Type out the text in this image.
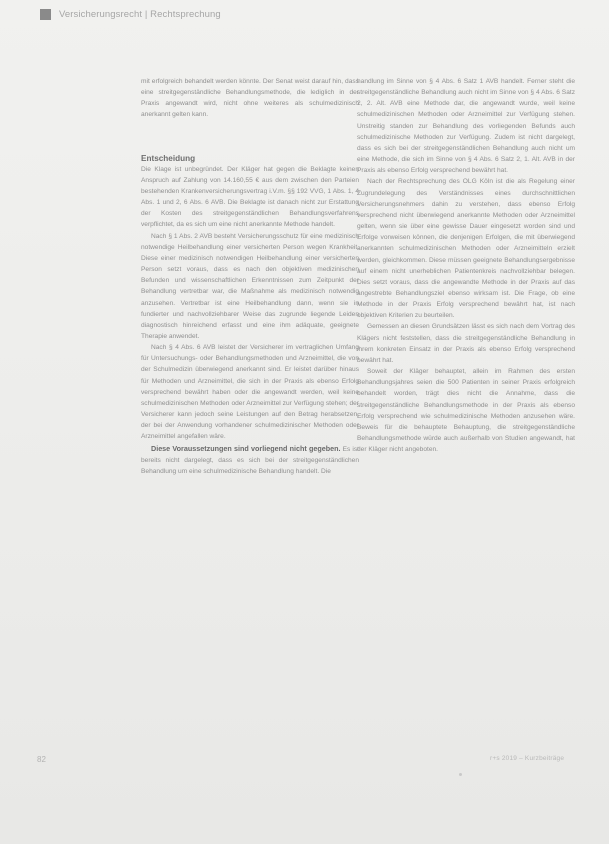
Versicherungsrecht | Rechtsprechung

mit erfolgreich behandelt werden könnte. Der Senat weist darauf hin, dass eine streitgegenständliche Behandlungsmethode, die lediglich in der Praxis angewandt wird, nicht ohne weiteres als schulmedizinisch anerkannt gelten kann.

Entscheidung

Die Klage ist unbegründet. Der Kläger hat gegen die Beklagte keinen Anspruch auf Zahlung von 14.160,55 € aus dem zwischen den Parteien bestehenden Krankenversicherungsvertrag i.V.m. §§ 192 VVG, 1 Abs. 1, 4 Abs. 1 und 2, 6 Abs. 6 AVB. Die Beklagte ist danach nicht zur Erstattung der Kosten des streitgegenständlichen Behandlungsverfahrens verpflichtet, da es sich um eine nicht anerkannte Methode handelt.

Nach § 1 Abs. 2 AVB besteht Versicherungsschutz für eine medizinisch notwendige Heilbehandlung einer versicherten Person wegen Krankheit. Diese einer medizinisch notwendigen Heilbehandlung einer versicherten Person setzt voraus, dass es nach den objektiven medizinischen Befunden und wissenschaftlichen Erkenntnissen zum Zeitpunkt der Behandlung vertretbar war, die Maßnahme als medizinisch notwendig anzusehen. Vertretbar ist eine Heilbehandlung dann, wenn sie in fundierter und nachvollziehbarer Weise das zugrunde liegende Leiden diagnostisch hinreichend erfasst und eine ihm adäquate, geeignete Therapie anwendet.

Nach § 4 Abs. 6 AVB leistet der Versicherer im vertraglichen Umfang für Untersuchungs- oder Behandlungsmethoden und Arzneimittel, die von der Schulmedizin überwiegend anerkannt sind. Er leistet darüber hinaus für Methoden und Arzneimittel, die sich in der Praxis als ebenso Erfolg versprechend bewährt haben oder die angewandt werden, weil keine schulmedizinischen Methoden oder Arzneimittel zur Verfügung stehen; der Versicherer kann jedoch seine Leistungen auf den Betrag herabsetzen, der bei der Anwendung vorhandener schulmedizinischer Methoden oder Arzneimittel angefallen wäre.

Diese Voraussetzungen sind vorliegend nicht gegeben. Es ist bereits nicht dargelegt, dass es sich bei der streitgegenständlichen Behandlung um eine schulmedizinische Behandlung handelt. Die

handlung im Sinne von § 4 Abs. 6 Satz 1 AVB handelt. Ferner steht die streitgegenständliche Behandlung auch nicht im Sinne von § 4 Abs. 6 Satz 2, 2. Alt. AVB eine Methode dar, die angewandt wurde, weil keine schulmedizinischen Methoden oder Arzneimittel zur Verfügung stehen. Unstreitig standen zur Behandlung des vorliegenden Befunds auch schulmedizinische Methoden zur Verfügung. Zudem ist nicht dargelegt, dass es sich bei der streitgegenständlichen Behandlung auch nicht um eine Methode, die sich im Sinne von § 4 Abs. 6 Satz 2, 1. Alt. AVB in der Praxis als ebenso Erfolg versprechend bewährt hat.

Nach der Rechtsprechung des OLG Köln ist die als Regelung einer Zugrundelegung des Verständnisses eines durchschnittlichen Versicherungsnehmers dahin zu verstehen, dass ebenso Erfolg versprechend nicht überwiegend anerkannte Methoden oder Arzneimittel gelten, wenn sie über eine gewisse Dauer eingesetzt worden sind und Erfolge vorweisen können, die denjenigen Erfolgen, die mit überwiegend anerkannten schulmedizinischen Methoden oder Arzneimitteln erzielt werden, gleichkommen. Diese müssen geeignete Behandlungsergebnisse auf einem nicht unerheblichen Patientenkreis nachvollziehbar belegen. Dies setzt voraus, dass die angewandte Methode in der Praxis auf das angestrebte Behandlungsziel ebenso wirksam ist. Die Frage, ob eine Methode in der Praxis Erfolg versprechend bewährt hat, ist nach objektiven Kriterien zu beurteilen.

Gemessen an diesen Grundsätzen lässt es sich nach dem Vortrag des Klägers nicht feststellen, dass die streitgegenständliche Behandlung in ihrem konkreten Einsatz in der Praxis als ebenso Erfolg versprechend bewährt hat.

Soweit der Kläger behauptet, allein im Rahmen des ersten Behandlungsjahres seien die 500 Patienten in seiner Praxis erfolgreich behandelt worden, trägt dies nicht die Annahme, dass die streitgegenständliche Behandlungsmethode in der Praxis als ebenso Erfolg versprechend wie schulmedizinische Methoden anzusehen wäre. Beweis für die behauptete Behauptung, die streitgegenständliche Behandlungsmethode würde auch außerhalb von Studien angewandt, hat der Kläger nicht angeboten.

82	r+s 2019 – Kurzbeiträge
